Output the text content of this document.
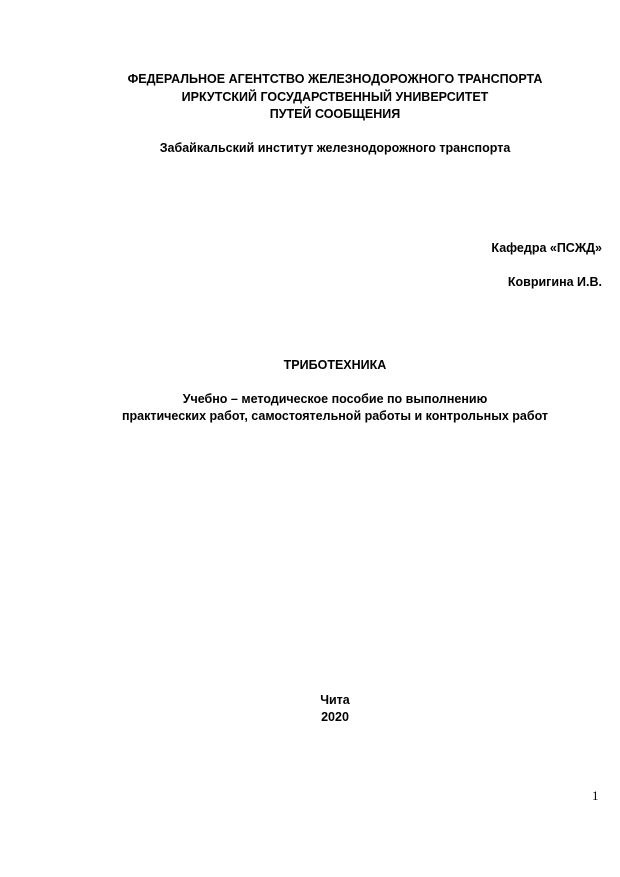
ФЕДЕРАЛЬНОЕ АГЕНТСТВО ЖЕЛЕЗНОДОРОЖНОГО ТРАНСПОРТА
ИРКУТСКИЙ ГОСУДАРСТВЕННЫЙ УНИВЕРСИТЕТ
ПУТЕЙ СООБЩЕНИЯ
Забайкальский институт железнодорожного транспорта
Кафедра «ПСЖД»
Ковригина И.В.
ТРИБОТЕХНИКА
Учебно – методическое пособие по выполнению
практических работ, самостоятельной работы и контрольных работ
Чита
2020
1
